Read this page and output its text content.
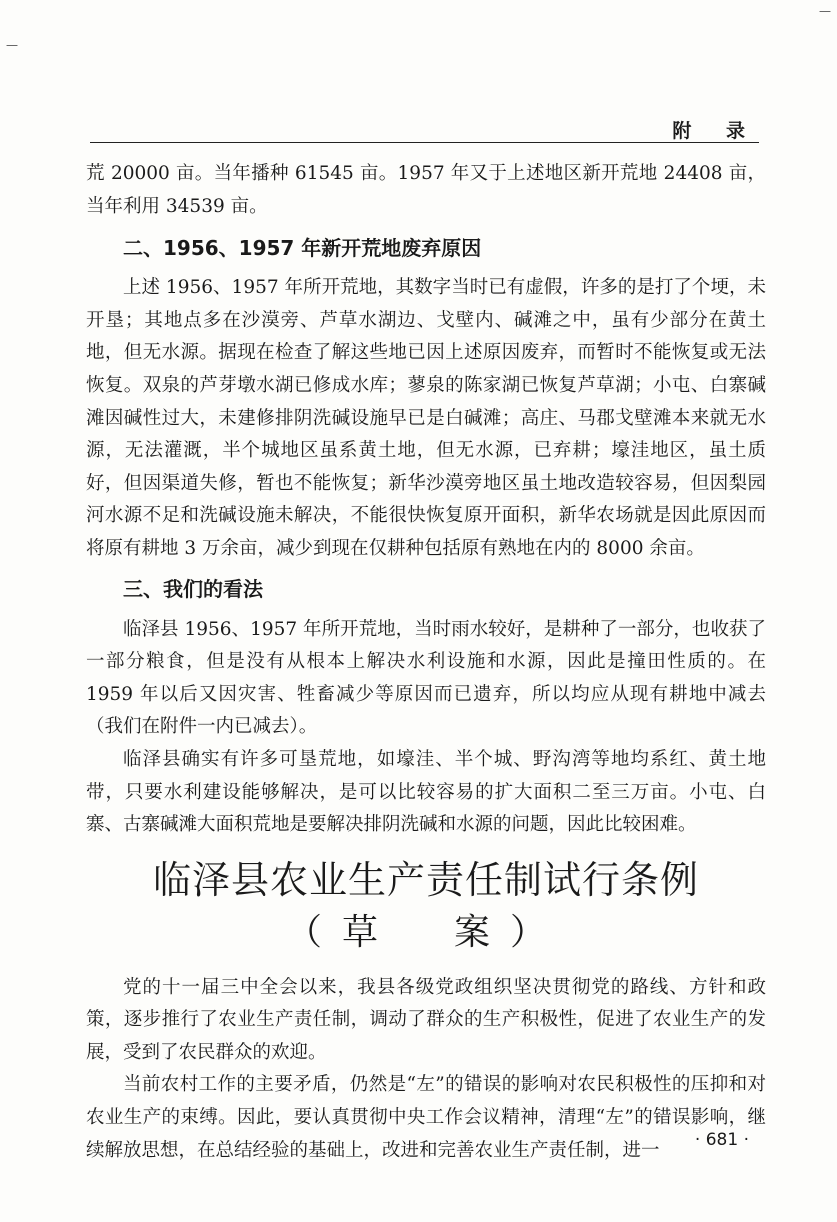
—
—
附 录

荒 20000 亩。当年播种 61545 亩。1957 年又于上述地区新开荒地 24408 亩，当年利用 34539 亩。

二、1956、1957 年新开荒地废弃原因

上述 1956、1957 年所开荒地，其数字当时已有虚假，许多的是打了个埂，未开垦；其地点多在沙漠旁、芦草水湖边、戈壁内、碱滩之中，虽有少部分在黄土地，但无水源。据现在检查了解这些地已因上述原因废弃，而暂时不能恢复或无法恢复。双泉的芦芽墩水湖已修成水库；蓼泉的陈家湖已恢复芦草湖；小屯、白寨碱滩因碱性过大，未建修排阴洗碱设施早已是白碱滩；高庄、马郡戈壁滩本来就无水源，无法灌溉，半个城地区虽系黄土地，但无水源，已弃耕；壕洼地区，虽土质好，但因渠道失修，暂也不能恢复；新华沙漠旁地区虽土地改造较容易，但因梨园河水源不足和洗碱设施未解决，不能很快恢复原开面积，新华农场就是因此原因而将原有耕地 3 万余亩，减少到现在仅耕种包括原有熟地在内的 8000 余亩。

三、我们的看法

临泽县 1956、1957 年所开荒地，当时雨水较好，是耕种了一部分，也收获了一部分粮食，但是没有从根本上解决水利设施和水源，因此是撞田性质的。在 1959 年以后又因灾害、牲畜减少等原因而已遗弃，所以均应从现有耕地中减去（我们在附件一内已减去）。

临泽县确实有许多可垦荒地，如壕洼、半个城、野沟湾等地均系红、黄土地带，只要水利建设能够解决，是可以比较容易的扩大面积二至三万亩。小屯、白寨、古寨碱滩大面积荒地是要解决排阴洗碱和水源的问题，因此比较困难。

临泽县农业生产责任制试行条例
（草　案）

党的十一届三中全会以来，我县各级党政组织坚决贯彻党的路线、方针和政策，逐步推行了农业生产责任制，调动了群众的生产积极性，促进了农业生产的发展，受到了农民群众的欢迎。

当前农村工作的主要矛盾，仍然是“左”的错误的影响对农民积极性的压抑和对农业生产的束缚。因此，要认真贯彻中央工作会议精神，清理“左”的错误影响，继续解放思想，在总结经验的基础上，改进和完善农业生产责任制，进一	· 681 ·
